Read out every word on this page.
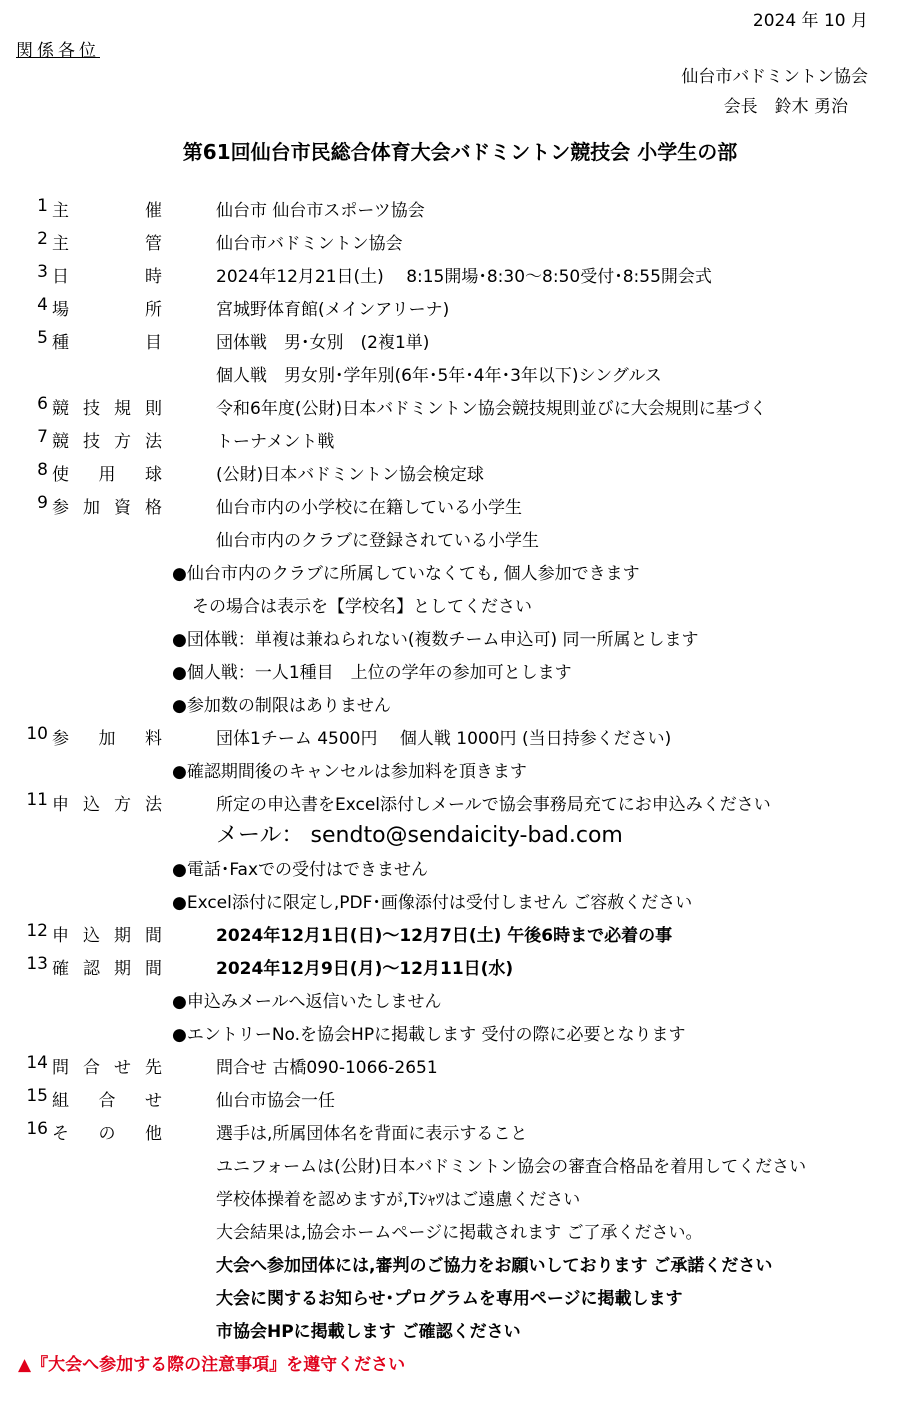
2024 年 10 月
関係各位
仙台市バドミントン協会
会長　鈴木 勇治
第61回仙台市民総合体育大会バドミントン競技会 小学生の部
1 主	催	仙台市 仙台市スポーツ協会
2 主	管	仙台市バドミントン協会
3 日	時	2024年12月21日(土)　 8:15開場･8:30～8:50受付･8:55開会式
4 場	所	宮城野体育館(メインアリーナ)
5 種	目	団体戦　男･女別　(2複1単)
個人戦　男女別･学年別(6年･5年･4年･3年以下)シングルス
6 競 技 規 則	令和6年度(公財)日本バドミントン協会競技規則並びに大会規則に基づく
7 競 技 方 法	トーナメント戦
8 使 用 球	(公財)日本バドミントン協会検定球
9 参 加 資 格	仙台市内の小学校に在籍している小学生
仙台市内のクラブに登録されている小学生
●仙台市内のクラブに所属していなくても, 個人参加できます
その場合は表示を【学校名】としてください
●団体戦：単複は兼ねられない(複数チーム申込可) 同一所属とします
●個人戦：一人1種目　上位の学年の参加可とします
●参加数の制限はありません
10 参 加 料	団体1チーム 4500円　 個人戦 1000円 (当日持参ください)
●確認期間後のキャンセルは参加料を頂きます
11 申 込 方 法	所定の申込書をExcel添付しメールで協会事務局充てにお申込みください
メール： sendto@sendaicity-bad.com
●電話･Faxでの受付はできません
●Excel添付に限定し,PDF･画像添付は受付しません ご容赦ください
12 申 込 期 間	2024年12月1日(日)～12月7日(土) 午後6時まで必着の事
13 確 認 期 間	2024年12月9日(月)～12月11日(水)
●申込みメールへ返信いたしません
●エントリーNo.を協会HPに掲載します 受付の際に必要となります
14 問 合 せ 先	問合せ 古橋090-1066-2651
15 組 合 せ	仙台市協会一任
16 そ の 他	選手は,所属団体名を背面に表示すること
ユニフォームは(公財)日本バドミントン協会の審査合格品を着用してください
学校体操着を認めますが,Tｼｬﾂはご遠慮ください
大会結果は,協会ホームページに掲載されます ご了承ください。
大会へ参加団体には,審判のご協力をお願いしております ご承諾ください
大会に関するお知らせ･プログラムを専用ページに掲載します
市協会HPに掲載します ご確認ください
▲『大会へ参加する際の注意事項』を遵守ください
